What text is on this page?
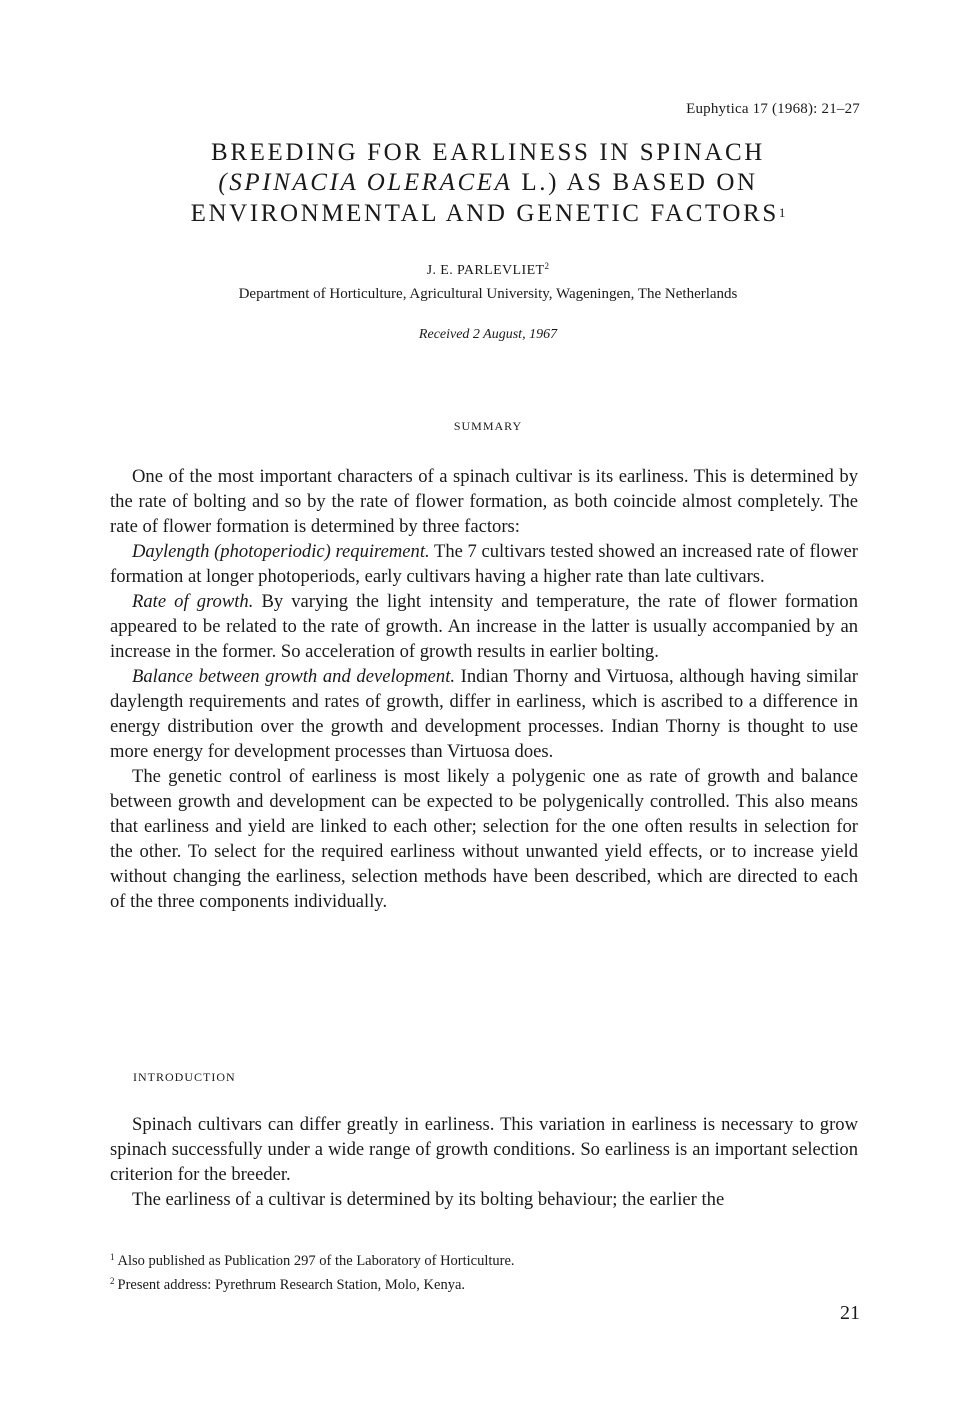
Euphytica 17 (1968): 21–27
BREEDING FOR EARLINESS IN SPINACH
(SPINACIA OLERACEA L.) AS BASED ON
ENVIRONMENTAL AND GENETIC FACTORS$^1$
J. E. PARLEVLIET$^2$
Department of Horticulture, Agricultural University, Wageningen, The Netherlands
Received 2 August, 1967
SUMMARY

One of the most important characters of a spinach cultivar is its earliness. This is determined by the rate of bolting and so by the rate of flower formation, as both coincide almost completely. The rate of flower formation is determined by three factors:

Daylength (photoperiodic) requirement. The 7 cultivars tested showed an increased rate of flower formation at longer photoperiods, early cultivars having a higher rate than late cultivars.

Rate of growth. By varying the light intensity and temperature, the rate of flower formation appeared to be related to the rate of growth. An increase in the latter is usually accompanied by an increase in the former. So acceleration of growth results in earlier bolting.

Balance between growth and development. Indian Thorny and Virtuosa, although having similar daylength requirements and rates of growth, differ in earliness, which is ascribed to a difference in energy distribution over the growth and development processes. Indian Thorny is thought to use more energy for development processes than Virtuosa does.

The genetic control of earliness is most likely a polygenic one as rate of growth and balance between growth and development can be expected to be polygenically controlled. This also means that earliness and yield are linked to each other; selection for the one often results in selection for the other. To select for the required earliness without unwanted yield effects, or to increase yield without changing the earliness, selection methods have been described, which are directed to each of the three components individually.

INTRODUCTION

Spinach cultivars can differ greatly in earliness. This variation in earliness is necessary to grow spinach successfully under a wide range of growth conditions. So earliness is an important selection criterion for the breeder.

The earliness of a cultivar is determined by its bolting behaviour; the earlier the

$^1$ Also published as Publication 297 of the Laboratory of Horticulture.
$^2$ Present address: Pyrethrum Research Station, Molo, Kenya.
21
